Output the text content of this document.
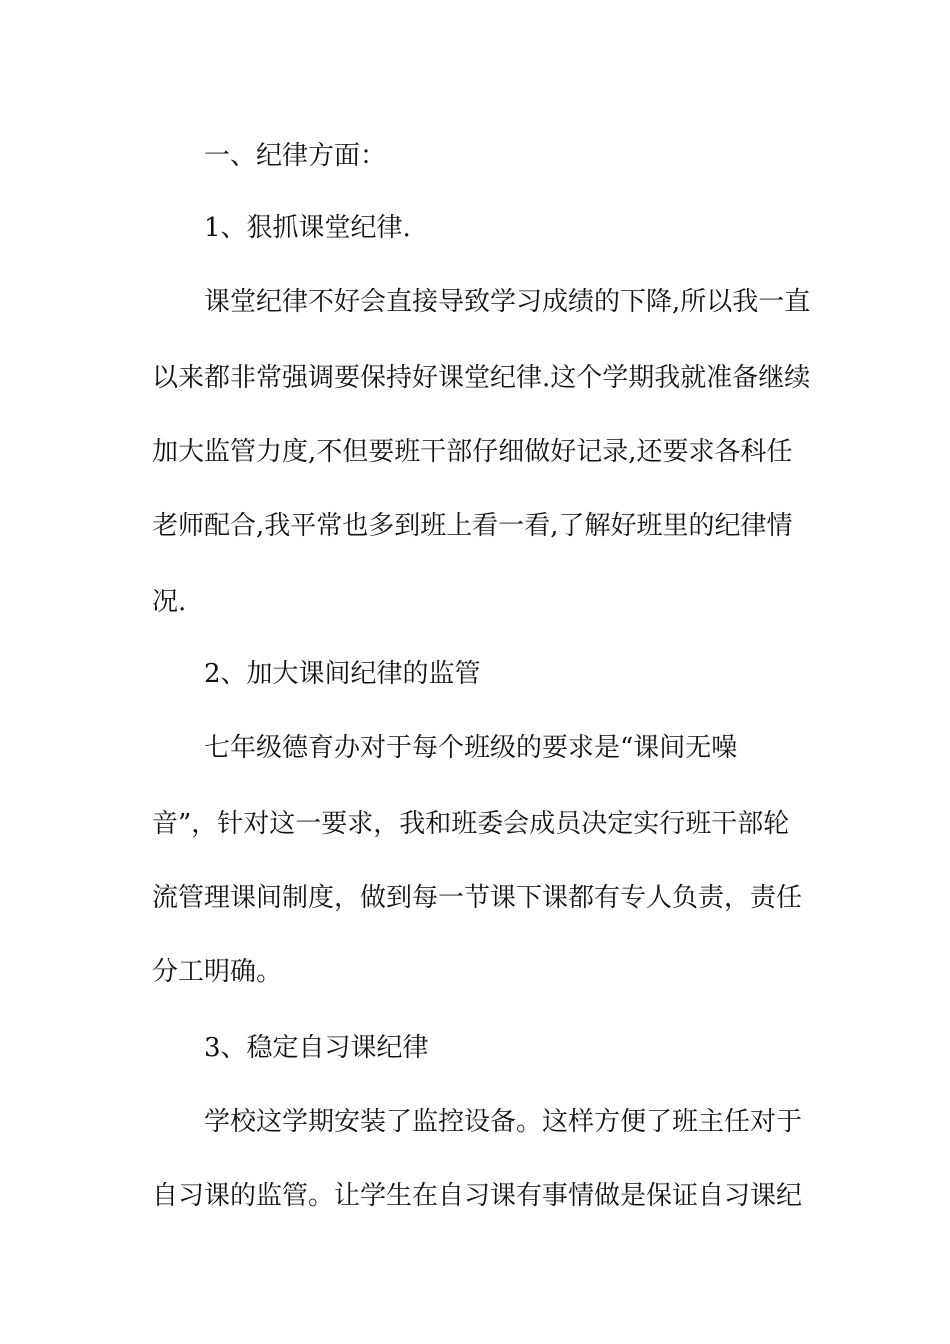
一、纪律方面：
1、狠抓课堂纪律.
课堂纪律不好会直接导致学习成绩的下降,所以我一直
以来都非常强调要保持好课堂纪律.这个学期我就准备继续
加大监管力度,不但要班干部仔细做好记录,还要求各科任
老师配合,我平常也多到班上看一看,了解好班里的纪律情
况.
2、加大课间纪律的监管
七年级德育办对于每个班级的要求是“课间无噪
音”，针对这一要求，我和班委会成员决定实行班干部轮
流管理课间制度，做到每一节课下课都有专人负责，责任
分工明确。
3、稳定自习课纪律
学校这学期安装了监控设备。这样方便了班主任对于
自习课的监管。让学生在自习课有事情做是保证自习课纪
